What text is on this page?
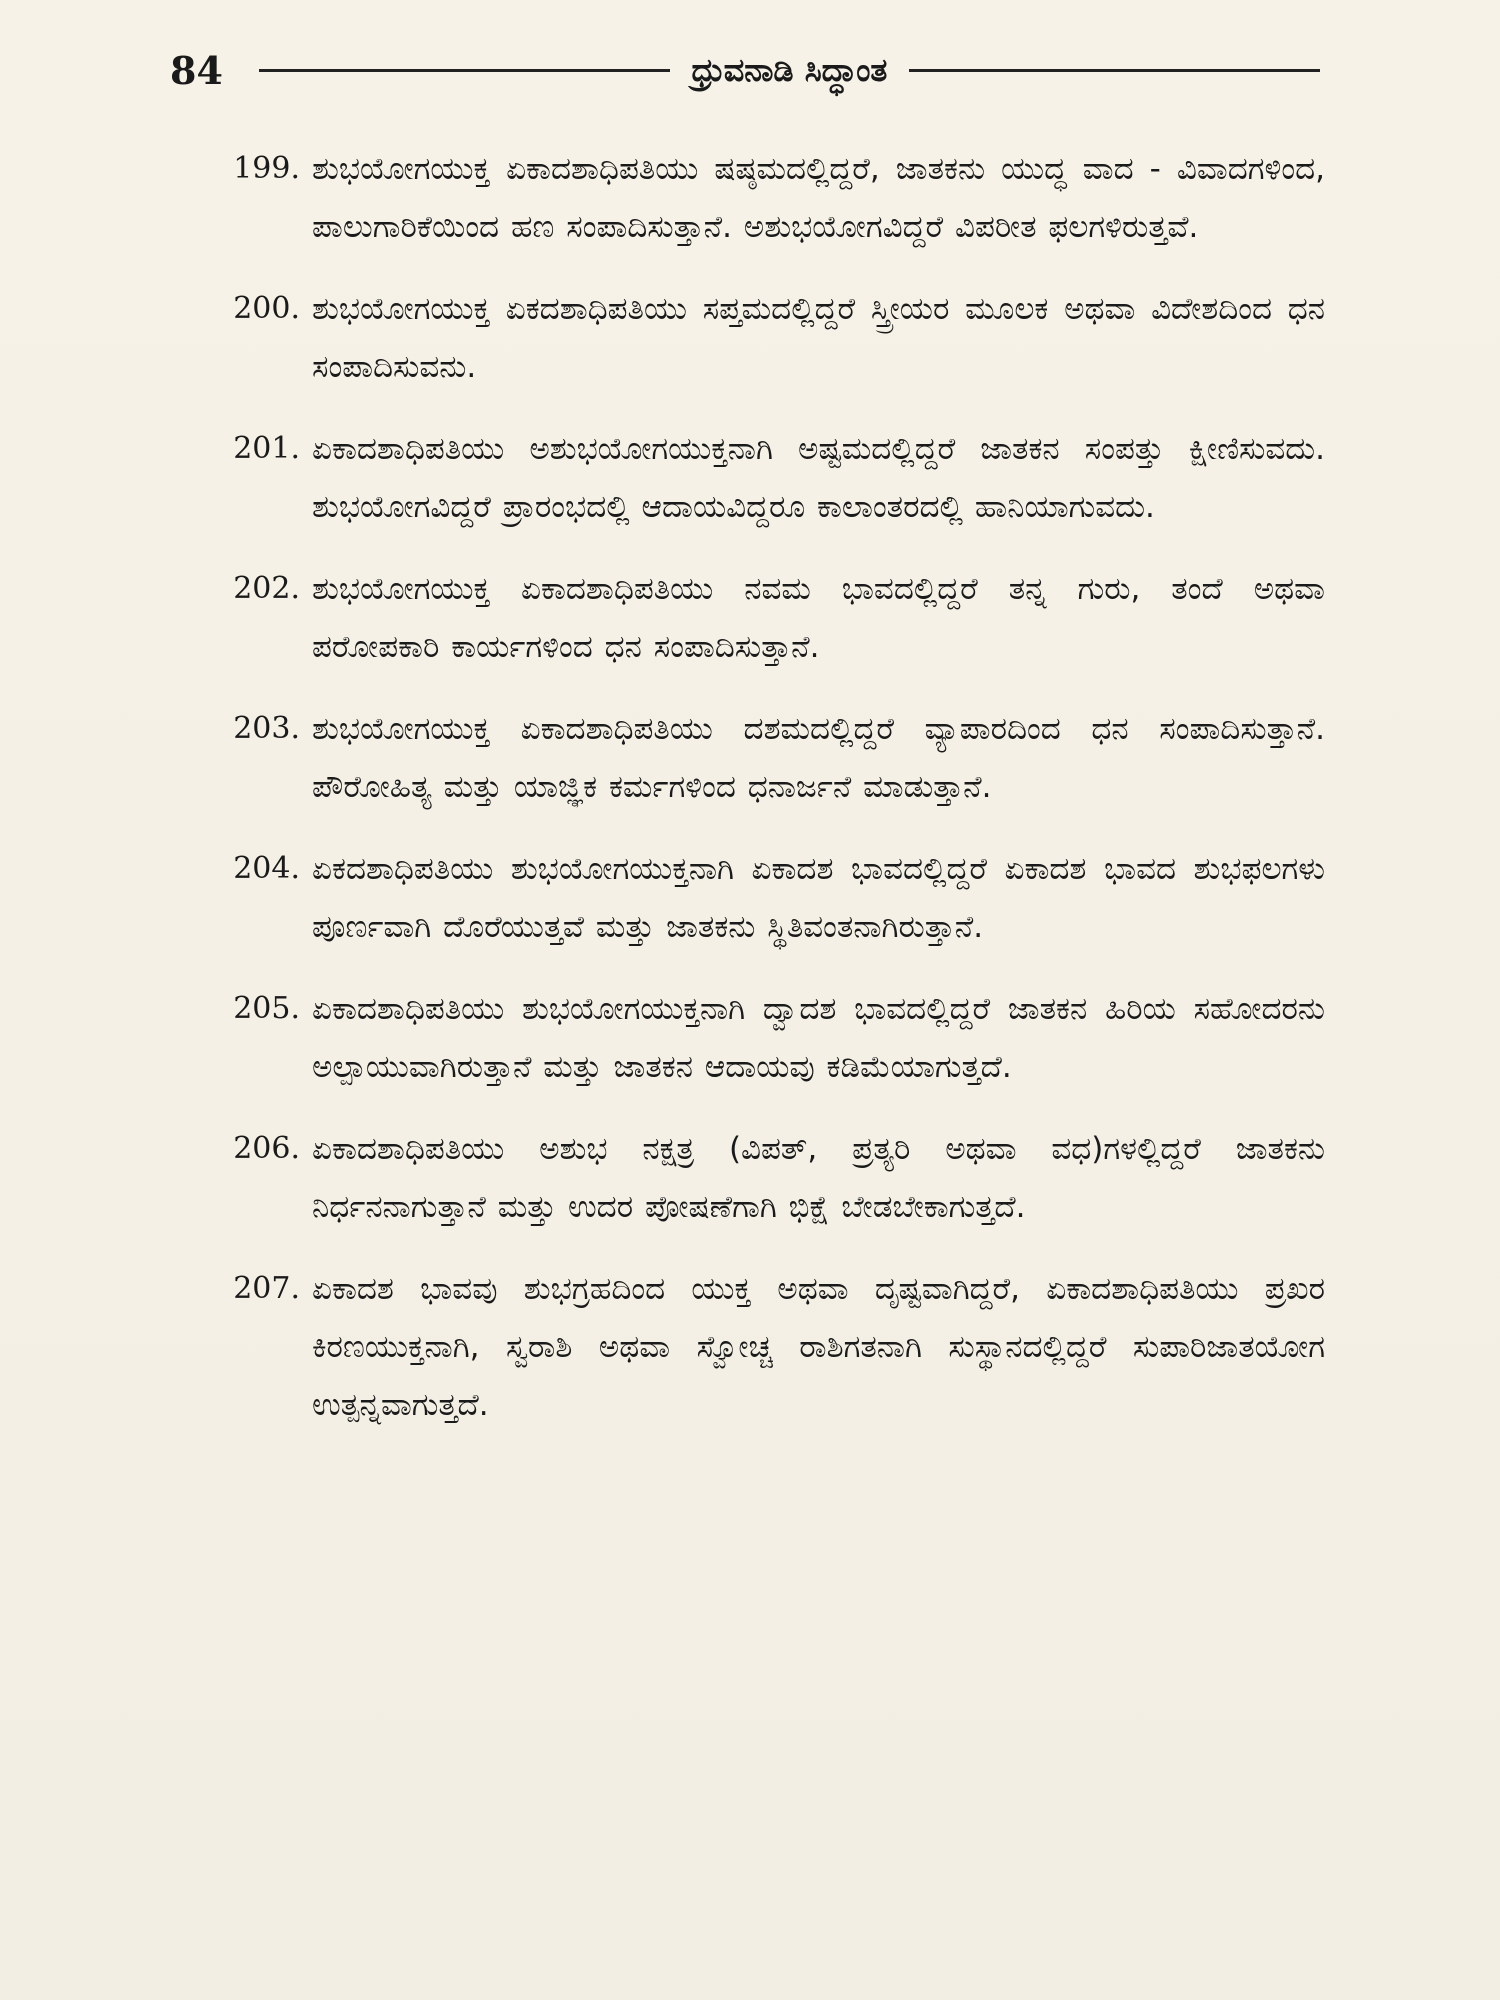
84	ಧ್ರುವನಾಡಿ ಸಿದ್ಧಾಂತ
199. ಶುಭಯೋಗಯುಕ್ತ ಏಕಾದಶಾಧಿಪತಿಯು ಷಷ್ಠಮದಲ್ಲಿದ್ದರೆ, ಜಾತಕನು ಯುದ್ಧ ವಾದ - ವಿವಾದಗಳಿಂದ, ಪಾಲುಗಾರಿಕೆಯಿಂದ ಹಣ ಸಂಪಾದಿಸುತ್ತಾನೆ. ಅಶುಭಯೋಗವಿದ್ದರೆ ವಿಪರೀತ ಫಲಗಳಿರುತ್ತವೆ.
200. ಶುಭಯೋಗಯುಕ್ತ ಏಕದಶಾಧಿಪತಿಯು ಸಪ್ತಮದಲ್ಲಿದ್ದರೆ ಸ್ತ್ರೀಯರ ಮೂಲಕ ಅಥವಾ ವಿದೇಶದಿಂದ ಧನ ಸಂಪಾದಿಸುವನು.
201. ಏಕಾದಶಾಧಿಪತಿಯು ಅಶುಭಯೋಗಯುಕ್ತನಾಗಿ ಅಷ್ಟಮದಲ್ಲಿದ್ದರೆ ಜಾತಕನ ಸಂಪತ್ತು ಕ್ಷೀಣಿಸುವದು. ಶುಭಯೋಗವಿದ್ದರೆ ಪ್ರಾರಂಭದಲ್ಲಿ ಆದಾಯವಿದ್ದರೂ ಕಾಲಾಂತರದಲ್ಲಿ ಹಾನಿಯಾಗುವದು.
202. ಶುಭಯೋಗಯುಕ್ತ ಏಕಾದಶಾಧಿಪತಿಯು ನವಮ ಭಾವದಲ್ಲಿದ್ದರೆ ತನ್ನ ಗುರು, ತಂದೆ ಅಥವಾ ಪರೋಪಕಾರಿ ಕಾರ್ಯಗಳಿಂದ ಧನ ಸಂಪಾದಿಸುತ್ತಾನೆ.
203. ಶುಭಯೋಗಯುಕ್ತ ಏಕಾದಶಾಧಿಪತಿಯು ದಶಮದಲ್ಲಿದ್ದರೆ ವ್ಯಾಪಾರದಿಂದ ಧನ ಸಂಪಾದಿಸುತ್ತಾನೆ. ಪೌರೋಹಿತ್ಯ ಮತ್ತು ಯಾಜ್ಞಿಕ ಕರ್ಮಗಳಿಂದ ಧನಾರ್ಜನೆ ಮಾಡುತ್ತಾನೆ.
204. ಏಕದಶಾಧಿಪತಿಯು ಶುಭಯೋಗಯುಕ್ತನಾಗಿ ಏಕಾದಶ ಭಾವದಲ್ಲಿದ್ದರೆ ಏಕಾದಶ ಭಾವದ ಶುಭಫಲಗಳು ಪೂರ್ಣವಾಗಿ ದೊರೆಯುತ್ತವೆ ಮತ್ತು ಜಾತಕನು ಸ್ಥಿತಿವಂತನಾಗಿರುತ್ತಾನೆ.
205. ಏಕಾದಶಾಧಿಪತಿಯು ಶುಭಯೋಗಯುಕ್ತನಾಗಿ ದ್ವಾದಶ ಭಾವದಲ್ಲಿದ್ದರೆ ಜಾತಕನ ಹಿರಿಯ ಸಹೋದರನು ಅಲ್ಪಾಯುವಾಗಿರುತ್ತಾನೆ ಮತ್ತು ಜಾತಕನ ಆದಾಯವು ಕಡಿಮೆಯಾಗುತ್ತದೆ.
206. ಏಕಾದಶಾಧಿಪತಿಯು ಅಶುಭ ನಕ್ಷತ್ರ (ವಿಪತ್, ಪ್ರತ್ಯರಿ ಅಥವಾ ವಧ)ಗಳಲ್ಲಿದ್ದರೆ ಜಾತಕನು ನಿರ್ಧನನಾಗುತ್ತಾನೆ ಮತ್ತು ಉದರ ಪೋಷಣೆಗಾಗಿ ಭಿಕ್ಷೆ ಬೇಡಬೇಕಾಗುತ್ತದೆ.
207. ಏಕಾದಶ ಭಾವವು ಶುಭಗ್ರಹದಿಂದ ಯುಕ್ತ ಅಥವಾ ದೃಷ್ಟವಾಗಿದ್ದರೆ, ಏಕಾದಶಾಧಿಪತಿಯು ಪ್ರಖರ ಕಿರಣಯುಕ್ತನಾಗಿ, ಸ್ವರಾಶಿ ಅಥವಾ ಸ್ವೋಚ್ಚ ರಾಶಿಗತನಾಗಿ ಸುಸ್ಥಾನದಲ್ಲಿದ್ದರೆ ಸುಪಾರಿಜಾತಯೋಗ ಉತ್ಪನ್ನವಾಗುತ್ತದೆ.
